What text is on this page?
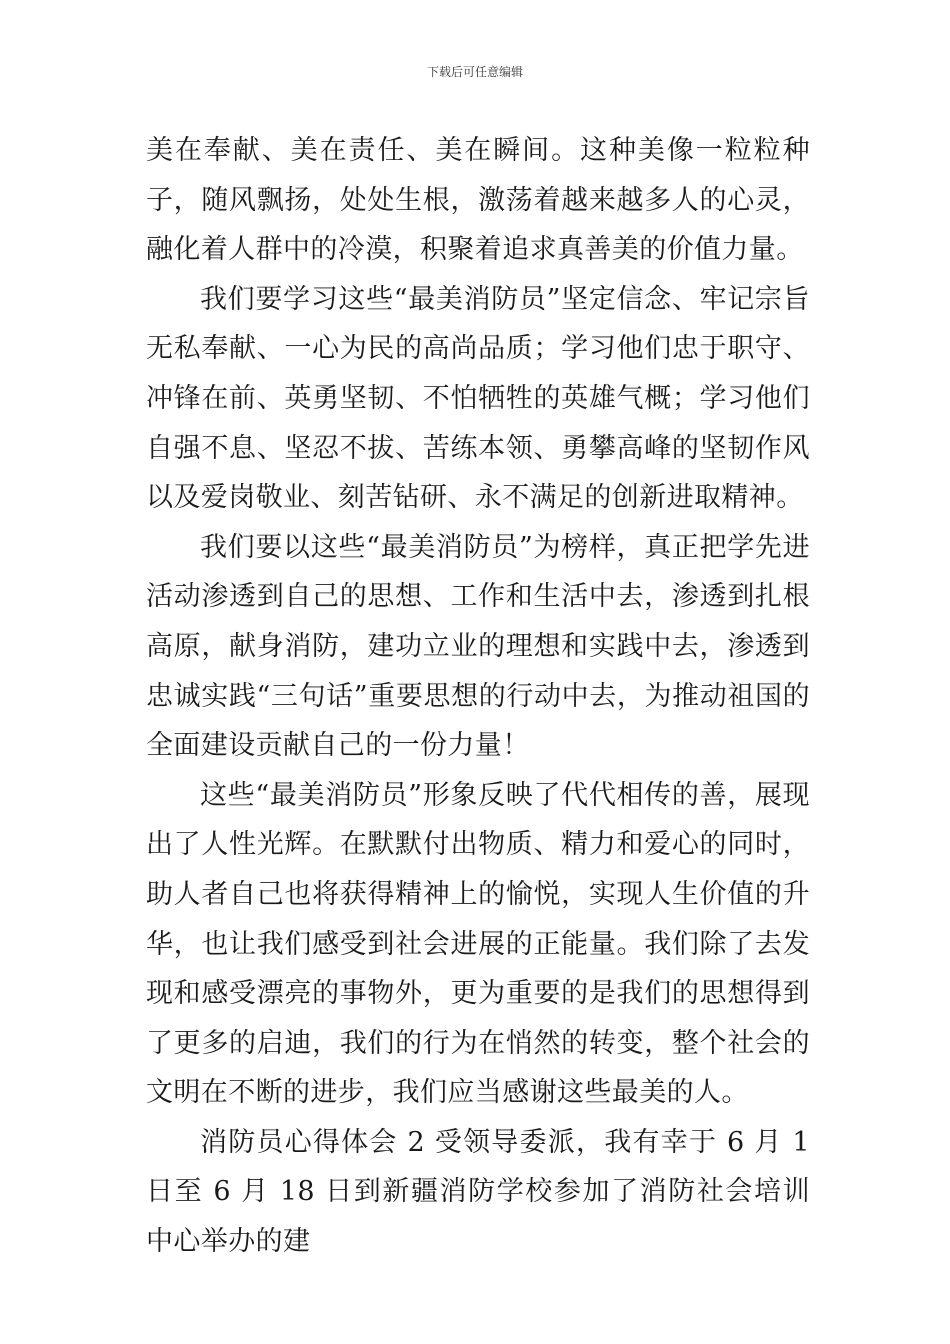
下载后可任意编辑

美在奉献、美在责任、美在瞬间。这种美像一粒粒种子，随风飘扬，处处生根，激荡着越来越多人的心灵，融化着人群中的冷漠，积聚着追求真善美的价值力量。

我们要学习这些“最美消防员”坚定信念、牢记宗旨无私奉献、一心为民的高尚品质；学习他们忠于职守、冲锋在前、英勇坚韧、不怕牺牲的英雄气概；学习他们自强不息、坚忍不拔、苦练本领、勇攀高峰的坚韧作风以及爱岗敬业、刻苦钻研、永不满足的创新进取精神。

我们要以这些“最美消防员”为榜样，真正把学先进活动渗透到自己的思想、工作和生活中去，渗透到扎根高原，献身消防，建功立业的理想和实践中去，渗透到忠诚实践“三句话”重要思想的行动中去，为推动祖国的全面建设贡献自己的一份力量！

这些“最美消防员”形象反映了代代相传的善，展现出了人性光辉。在默默付出物质、精力和爱心的同时，助人者自己也将获得精神上的愉悦，实现人生价值的升华，也让我们感受到社会进展的正能量。我们除了去发现和感受漂亮的事物外，更为重要的是我们的思想得到了更多的启迪，我们的行为在悄然的转变，整个社会的文明在不断的进步，我们应当感谢这些最美的人。

消防员心得体会 2 受领导委派，我有幸于 6 月 1 日至 6 月 18 日到新疆消防学校参加了消防社会培训中心举办的建
